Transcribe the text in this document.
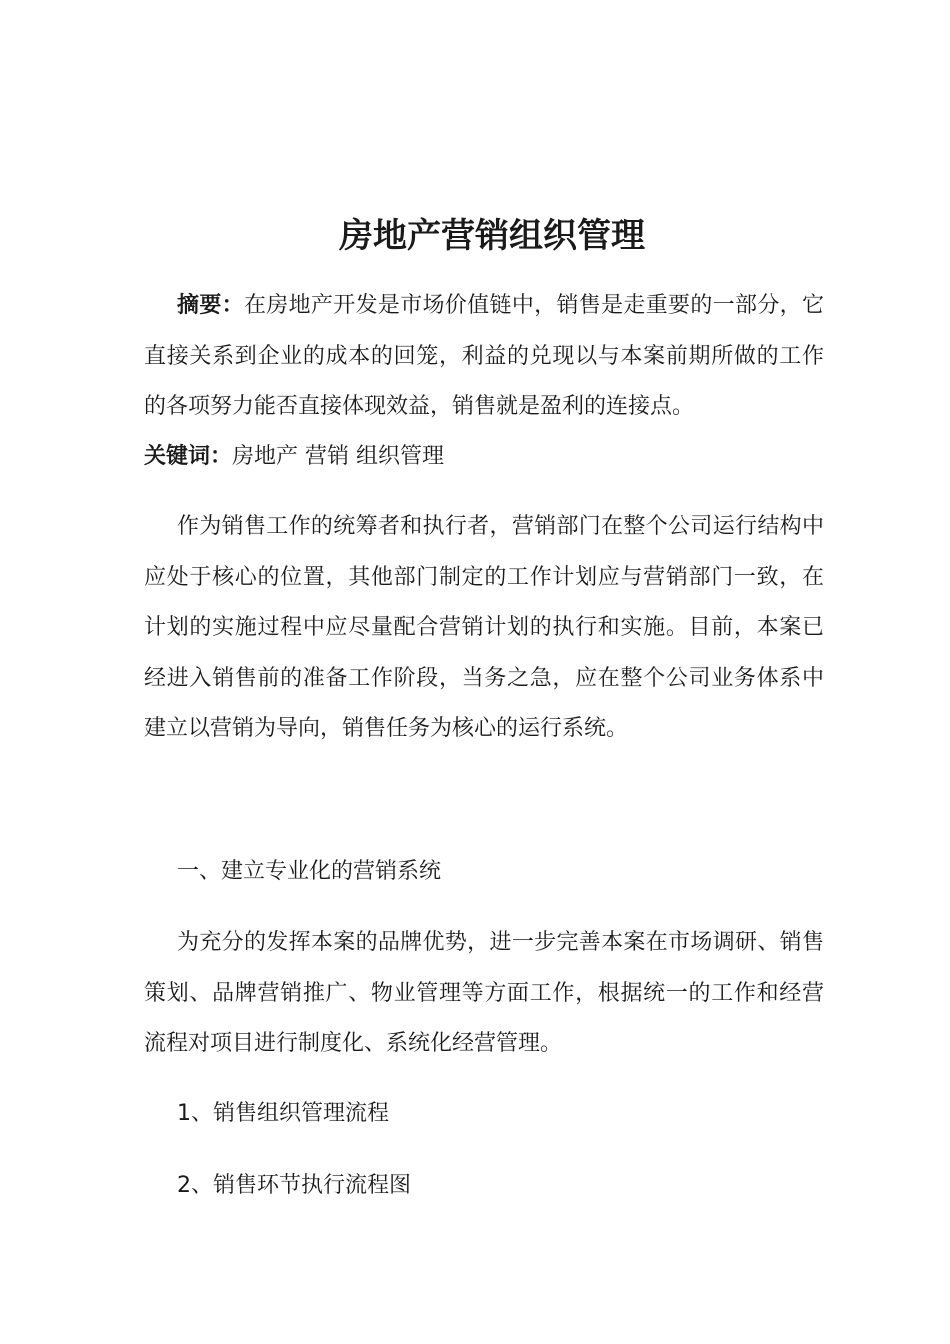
房地产营销组织管理
摘要：在房地产开发是市场价值链中，销售是走重要的一部分，它直接关系到企业的成本的回笼，利益的兑现以与本案前期所做的工作的各项努力能否直接体现效益，销售就是盈利的连接点。
关键词：房地产 营销 组织管理
作为销售工作的统筹者和执行者，营销部门在整个公司运行结构中应处于核心的位置，其他部门制定的工作计划应与营销部门一致，在计划的实施过程中应尽量配合营销计划的执行和实施。目前，本案已经进入销售前的准备工作阶段，当务之急，应在整个公司业务体系中建立以营销为导向，销售任务为核心的运行系统。
一、建立专业化的营销系统
为充分的发挥本案的品牌优势，进一步完善本案在市场调研、销售策划、品牌营销推广、物业管理等方面工作，根据统一的工作和经营流程对项目进行制度化、系统化经营管理。
1、销售组织管理流程
2、销售环节执行流程图
